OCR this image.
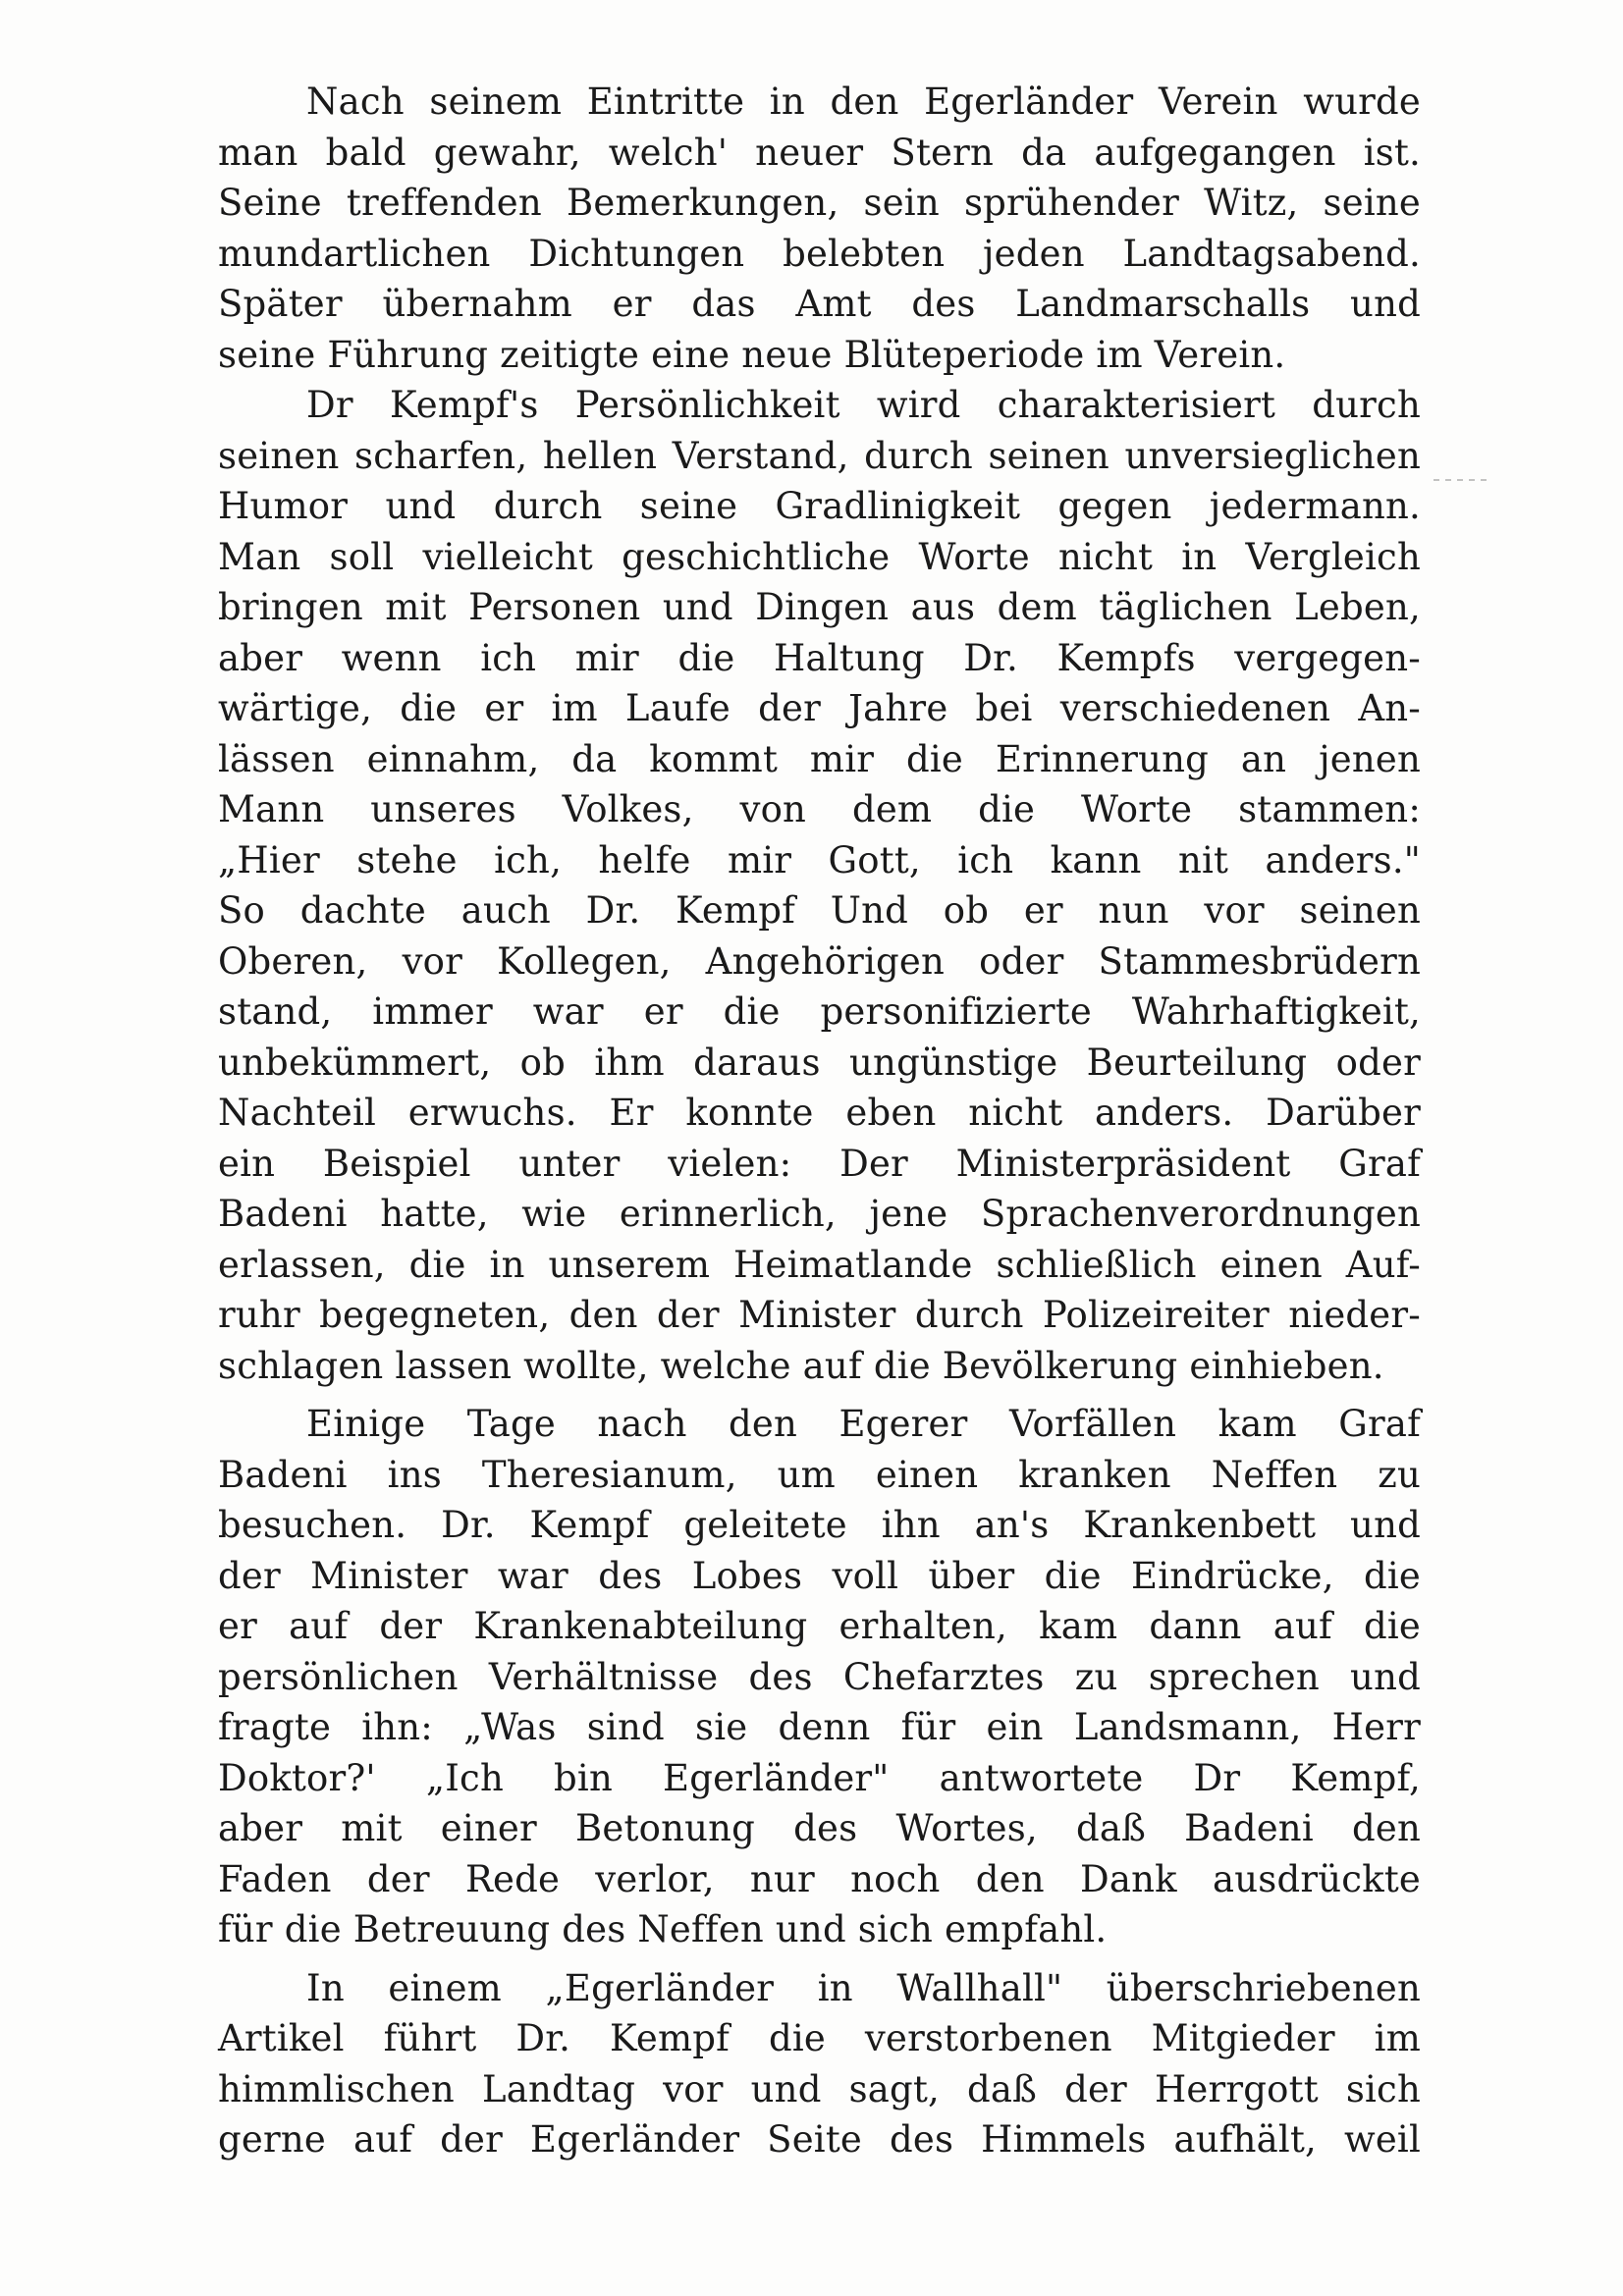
Nach seinem Eintritte in den Egerländer Verein wurde
man bald gewahr, welch' neuer Stern da aufgegangen ist.
Seine treffenden Bemerkungen, sein sprühender Witz, seine
mundartlichen Dichtungen belebten jeden Landtagsabend.
Später übernahm er das Amt des Landmarschalls und
seine Führung zeitigte eine neue Blüteperiode im Verein.
Dr Kempf's Persönlichkeit wird charakterisiert durch
seinen scharfen, hellen Verstand, durch seinen unversieglichen
Humor und durch seine Gradlinigkeit gegen jedermann.
Man soll vielleicht geschichtliche Worte nicht in Vergleich
bringen mit Personen und Dingen aus dem täglichen Leben,
aber wenn ich mir die Haltung Dr. Kempfs vergegen-
wärtige, die er im Laufe der Jahre bei verschiedenen An-
lässen einnahm, da kommt mir die Erinnerung an jenen
Mann unseres Volkes, von dem die Worte stammen:
„Hier stehe ich, helfe mir Gott, ich kann nit anders."
So dachte auch Dr. Kempf Und ob er nun vor seinen
Oberen, vor Kollegen, Angehörigen oder Stammesbrüdern
stand, immer war er die personifizierte Wahrhaftigkeit,
unbekümmert, ob ihm daraus ungünstige Beurteilung oder
Nachteil erwuchs. Er konnte eben nicht anders. Darüber
ein Beispiel unter vielen: Der Ministerpräsident Graf
Badeni hatte, wie erinnerlich, jene Sprachenverordnungen
erlassen, die in unserem Heimatlande schließlich einen Auf-
ruhr begegneten, den der Minister durch Polizeireiter nieder-
schlagen lassen wollte, welche auf die Bevölkerung einhieben.
Einige Tage nach den Egerer Vorfällen kam Graf
Badeni ins Theresianum, um einen kranken Neffen zu
besuchen. Dr. Kempf geleitete ihn an's Krankenbett und
der Minister war des Lobes voll über die Eindrücke, die
er auf der Krankenabteilung erhalten, kam dann auf die
persönlichen Verhältnisse des Chefarztes zu sprechen und
fragte ihn: „Was sind sie denn für ein Landsmann, Herr
Doktor?' „Ich bin Egerländer" antwortete Dr Kempf,
aber mit einer Betonung des Wortes, daß Badeni den
Faden der Rede verlor, nur noch den Dank ausdrückte
für die Betreuung des Neffen und sich empfahl.
In einem „Egerländer in Wallhall" überschriebenen
Artikel führt Dr. Kempf die verstorbenen Mitgieder im
himmlischen Landtag vor und sagt, daß der Herrgott sich
gerne auf der Egerländer Seite des Himmels aufhält, weil
